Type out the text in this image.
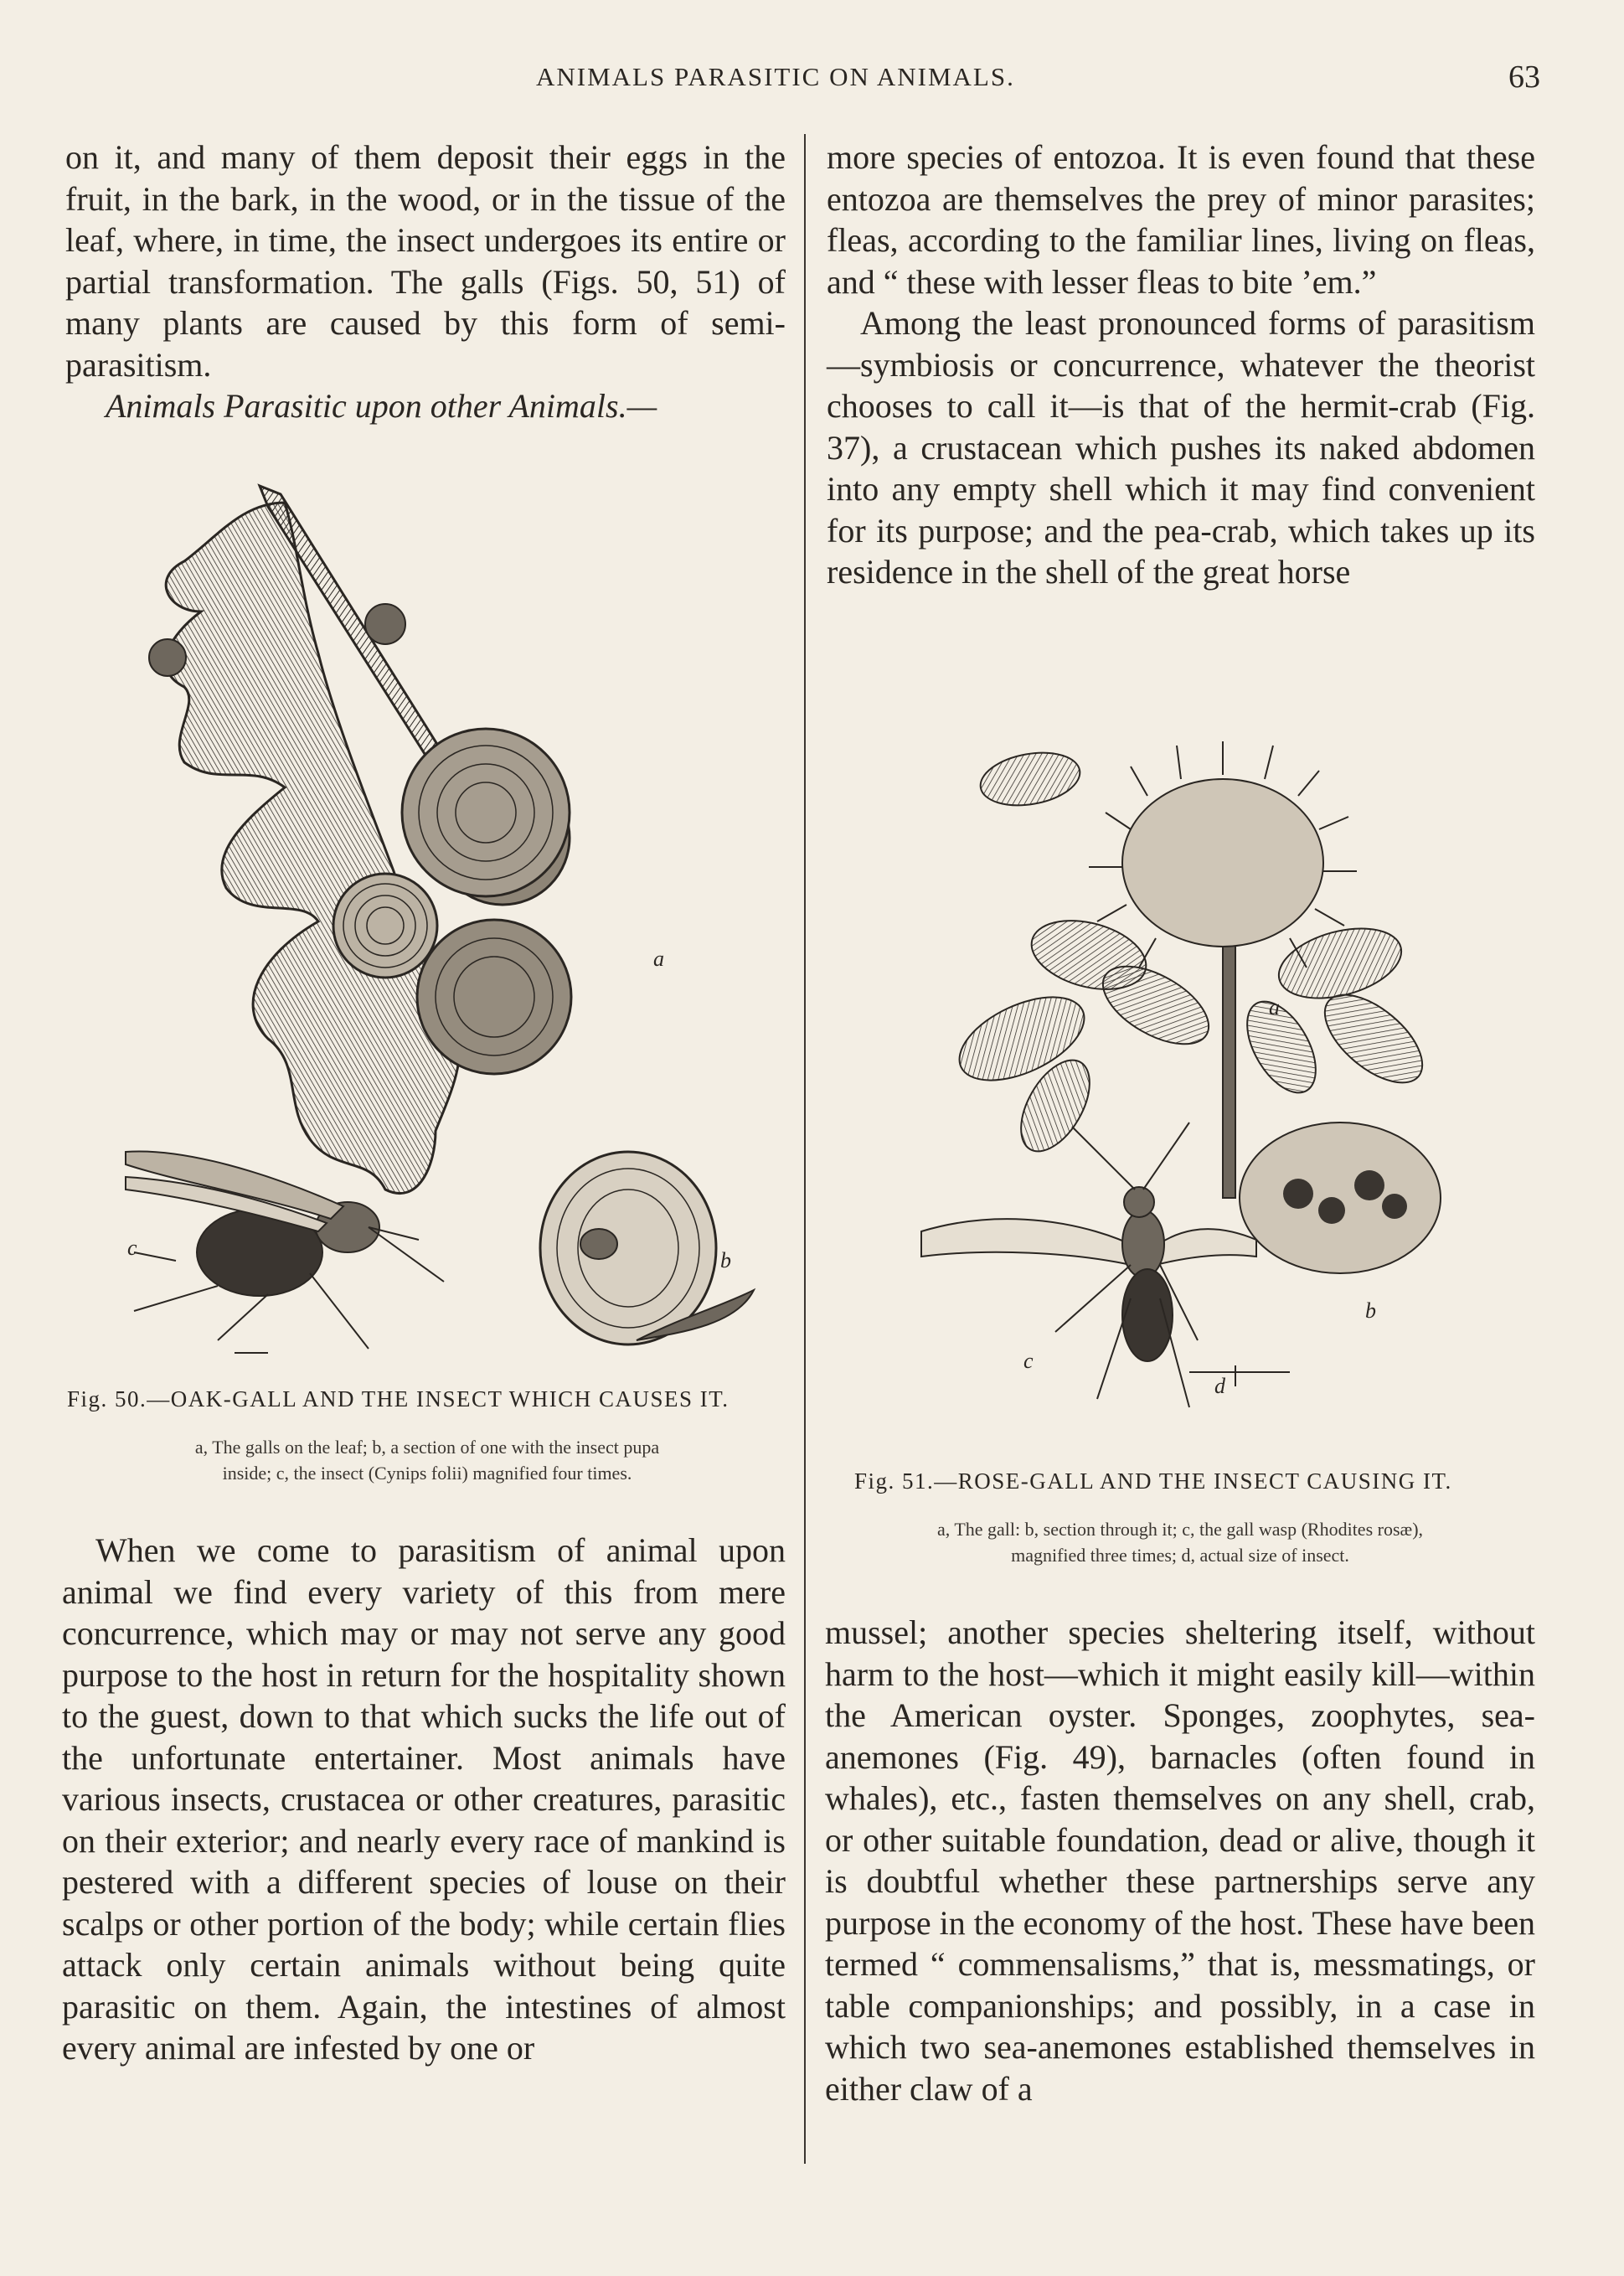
ANIMALS PARASITIC ON ANIMALS.	63

on it, and many of them deposit their eggs in the fruit, in the bark, in the wood, or in the tissue of the leaf, where, in time, the insect undergoes its entire or partial transformation. The galls (Figs. 50, 51) of many plants are caused by this form of semi-parasitism.

Animals Parasitic upon other Animals.—

a
b
c
Fig. 50.—OAK-GALL AND THE INSECT WHICH CAUSES IT.
a, The galls on the leaf; b, a section of one with the insect pupa
inside; c, the insect (Cynips folii) magnified four times.

When we come to parasitism of animal upon animal we find every variety of this from mere concurrence, which may or may not serve any good purpose to the host in return for the hospitality shown to the guest, down to that which sucks the life out of the unfortunate entertainer. Most animals have various insects, crustacea or other creatures, parasitic on their exterior; and nearly every race of mankind is pestered with a different species of louse on their scalps or other portion of the body; while certain flies attack only certain animals without being quite parasitic on them. Again, the intestines of almost every animal are infested by one or

more species of entozoa. It is even found that these entozoa are themselves the prey of minor parasites; fleas, according to the familiar lines, living on fleas, and “ these with lesser fleas to bite ’em.”

Among the least pronounced forms of parasitism—symbiosis or concurrence, whatever the theorist chooses to call it—is that of the hermit-crab (Fig. 37), a crustacean which pushes its naked abdomen into any empty shell which it may find convenient for its purpose; and the pea-crab, which takes up its residence in the shell of the great horse

a
b
c
d
Fig. 51.—ROSE-GALL AND THE INSECT CAUSING IT.
a, The gall: b, section through it; c, the gall wasp (Rhodites rosæ),
magnified three times; d, actual size of insect.

mussel; another species sheltering itself, without harm to the host—which it might easily kill—within the American oyster. Sponges, zoophytes, sea-anemones (Fig. 49), barnacles (often found in whales), etc., fasten themselves on any shell, crab, or other suitable foundation, dead or alive, though it is doubtful whether these partnerships serve any purpose in the economy of the host. These have been termed “ commensalisms,” that is, messmatings, or table companionships; and possibly, in a case in which two sea-anemones established themselves in either claw of a
